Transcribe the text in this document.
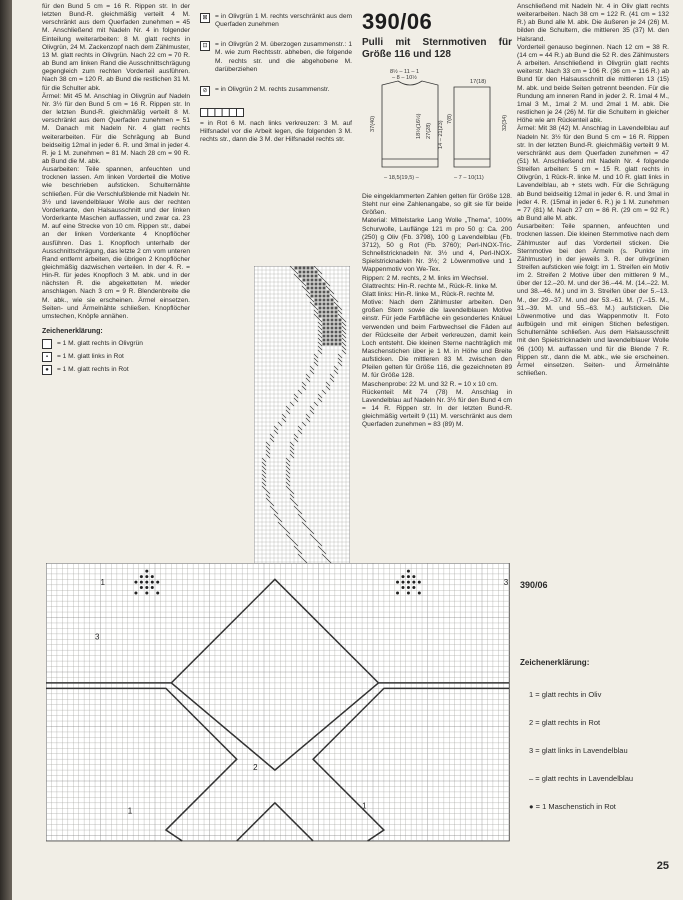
für den Bund 5 cm = 16 R. Rippen str. In der letzten Bund-R. gleichmäßig verteilt 4 M. verschränkt aus dem Querfaden zunehmen = 45 M. Anschließend mit Nadeln Nr. 4 in folgender Einteilung weiterarbeiten: 8 M. glatt rechts in Olivgrün, 24 M. Zackenzopf nach dem Zählmuster, 13 M. glatt rechts in Olivgrün. Nach 22 cm = 70 R. ab Bund am linken Rand die Ausschnittschrägung gegengleich zum rechten Vorderteil ausführen. Nach 38 cm = 120 R. ab Bund die restlichen 31 M. für die Schulter abk.

Ärmel: Mit 45 M. Anschlag in Olivgrün auf Nadeln Nr. 3½ für den Bund 5 cm = 16 R. Rippen str. In der letzten Bund-R. gleichmäßig verteilt 8 M. verschränkt aus dem Querfaden zunehmen = 51 M. Danach mit Nadeln Nr. 4 glatt rechts weiterarbeiten. Für die Schrägung ab Bund beidseitig 12mal in jeder 6. R. und 3mal in jeder 4. R. je 1 M. zunehmen = 81 M. Nach 28 cm = 90 R. ab Bund die M. abk.

Ausarbeiten: Teile spannen, anfeuchten und trocknen lassen. Am linken Vorderteil die Motive wie beschrieben aufsticken. Schulternähte schließen. Für die Verschlußblende mit Nadeln Nr. 3½ und lavendelblauer Wolle aus der rechten Vorderkante, den Halsausschnitt und der linken Vorderkante Maschen auffassen, und zwar ca. 23 M. auf eine Strecke von 10 cm. Rippen str., dabei an der linken Vorderkante 4 Knopflöcher ausführen. Das 1. Knopfloch unterhalb der Ausschnittschrägung, das letzte 2 cm vom unteren Rand entfernt arbeiten, die übrigen 2 Knopflöcher gleichmäßig dazwischen verteilen. In der 4. R. = Hin-R. für jedes Knopfloch 3 M. abk. und in der nächsten R. die abgeketteten M. wieder anschlagen. Nach 3 cm = 9 R. Blendenbreite die M. abk., wie sie erscheinen. Ärmel einsetzen. Seiten- und Ärmelnähte schließen. Knopflöcher umstechen, Knöpfe annähen.

Zeichenerklärung:

= 1 M. glatt rechts in Olivgrün
▪	= 1 M. glatt links in Rot
●	= 1 M. glatt rechts in Rot
⊠	= in Olivgrün 1 M. rechts verschränkt aus dem Querfaden zunehmen
⊡	= in Olivgrün 2 M. überzogen zusammenstr.: 1 M. wie zum Rechtsstr. abheben, die folgende M. rechts str. und die abgehobene M. darüberziehen
⊘	= in Olivgrün 2 M. rechts zusammenstr.

= in Rot 6 M. nach links verkreuzen: 3 M. auf Hilfsnadel vor die Arbeit legen, die folgenden 3 M. rechts str., dann die 3 M. der Hilfsnadel rechts str.

390/06
Pulli mit Sternmotiven für Größe 116 und 128
8½ – 11 – 1
– 8 – 10½
37(40)	14 – 21(23)
18½(16½) 27(28)
7(8)
17(18)
32(34)
– 18,5(19,5) –	– 7 – 10(11)

Die eingeklammerten Zahlen gelten für Größe 128. Steht nur eine Zahlenangabe, so gilt sie für beide Größen.

Material: Mittelstarke Lang Wolle „Thema", 100% Schurwolle, Lauflänge 121 m pro 50 g: Ca. 200 (250) g Oliv (Fb. 3798), 100 g Lavendelblau (Fb. 3712), 50 g Rot (Fb. 3760); Perl-INOX-Tric-Schnellstricknadeln Nr. 3½ und 4, Perl-INOX-Spielstricknadeln Nr. 3½; 2 Löwenmotive und 1 Wappenmotiv von We-Tex.

Rippen: 2 M. rechts, 2 M. links im Wechsel.

Glattrechts: Hin-R. rechte M., Rück-R. linke M.

Glatt links: Hin-R. linke M., Rück-R. rechte M.

Motive: Nach dem Zählmuster arbeiten. Den großen Stern sowie die lavendelblauen Motive einstr. Für jede Farbfläche ein gesondertes Knäuel verwenden und beim Farbwechsel die Fäden auf der Rückseite der Arbeit verkreuzen, damit kein Loch entsteht. Die kleinen Sterne nachträglich mit Maschenstichen über je 1 M. in Höhe und Breite aufsticken. Die mittleren 83 M. zwischen den Pfeilen gelten für Größe 116, die gezeichneten 89 M. für Größe 128.

Maschenprobe: 22 M. und 32 R. = 10 x 10 cm.

Rückenteil: Mit 74 (78) M. Anschlag in Lavendelblau auf Nadeln Nr. 3½ für den Bund 4 cm = 14 R. Rippen str. In der letzten Bund-R. gleichmäßig verteilt 9 (11) M. verschränkt aus dem Querfaden zunehmen = 83 (89) M.

Anschließend mit Nadeln Nr. 4 in Oliv glatt rechts weiterarbeiten. Nach 38 cm = 122 R. (41 cm = 132 R.) ab Bund alle M. abk. Die äußeren je 24 (26) M. bilden die Schultern, die mittleren 35 (37) M. den Halsrand.

Vorderteil genauso beginnen. Nach 12 cm = 38 R. (14 cm = 44 R.) ab Bund die 52 R. des Zählmusters A arbeiten. Anschließend in Olivgrün glatt rechts weiterstr. Nach 33 cm = 106 R. (36 cm = 116 R.) ab Bund für den Halsausschnitt die mittleren 13 (15) M. abk. und beide Seiten getrennt beenden. Für die Rundung am inneren Rand in jeder 2. R. 1mal 4 M., 1mal 3 M., 1mal 2 M. und 2mal 1 M. abk. Die restlichen je 24 (26) M. für die Schultern in gleicher Höhe wie am Rückenteil abk.

Ärmel: Mit 38 (42) M. Anschlag in Lavendelblau auf Nadeln Nr. 3½ für den Bund 5 cm = 16 R. Rippen str. In der letzten Bund-R. gleichmäßig verteilt 9 M. verschränkt aus dem Querfaden zunehmen = 47 (51) M. Anschließend mit Nadeln Nr. 4 folgende Streifen arbeiten: 5 cm = 15 R. glatt rechts in Olivgrün, 1 Rück-R. linke M. und 10 R. glatt links in Lavendelblau, ab + stets wdh. Für die Schrägung ab Bund beidseitig 12mal in jeder 6. R. und 3mal in jeder 4. R. (15mal in jeder 6. R.) je 1 M. zunehmen = 77 (81) M. Nach 27 cm = 86 R. (29 cm = 92 R.) ab Bund alle M. abk.

Ausarbeiten: Teile spannen, anfeuchten und trocknen lassen. Die kleinen Sternmotive nach dem Zählmuster auf das Vorderteil sticken. Die Sternmotive bei den Ärmeln (s. Punkte im Zählmuster) in der jeweils 3. R. der olivgrünen Streifen aufsticken wie folgt: im 1. Streifen ein Motiv im 2. Streifen 2 Motive über den mittleren 9 M., über der 12.–20. M. und der 36.–44. M. (14.–22. M. und 38.–46. M.) und im 3. Streifen über der 5.–13. M., der 29.–37. M. und der 53.–61. M. (7.–15. M., 31.–39. M. und 55.–63. M.) aufsticken. Die Löwenmotive und das Wappenmotiv lt. Foto aufbügeln und mit einigen Stichen befestigen. Schulternähte schließen. Aus dem Halsausschnitt mit den Spielstricknadeln und lavendelblauer Wolle 96 (100) M. auffassen und für die Blende 7 R. Rippen str., dann die M. abk., wie sie erscheinen. Ärmel einsetzen. Seiten- und Ärmelnähte schließen.

1
3
3
2
1
1
390/06
Zeichenerklärung:
1 = glatt rechts in Oliv
2 = glatt rechts in Rot
3 = glatt links in Lavendelblau
– = glatt rechts in Lavendelblau
● = 1 Maschenstich in Rot
25
